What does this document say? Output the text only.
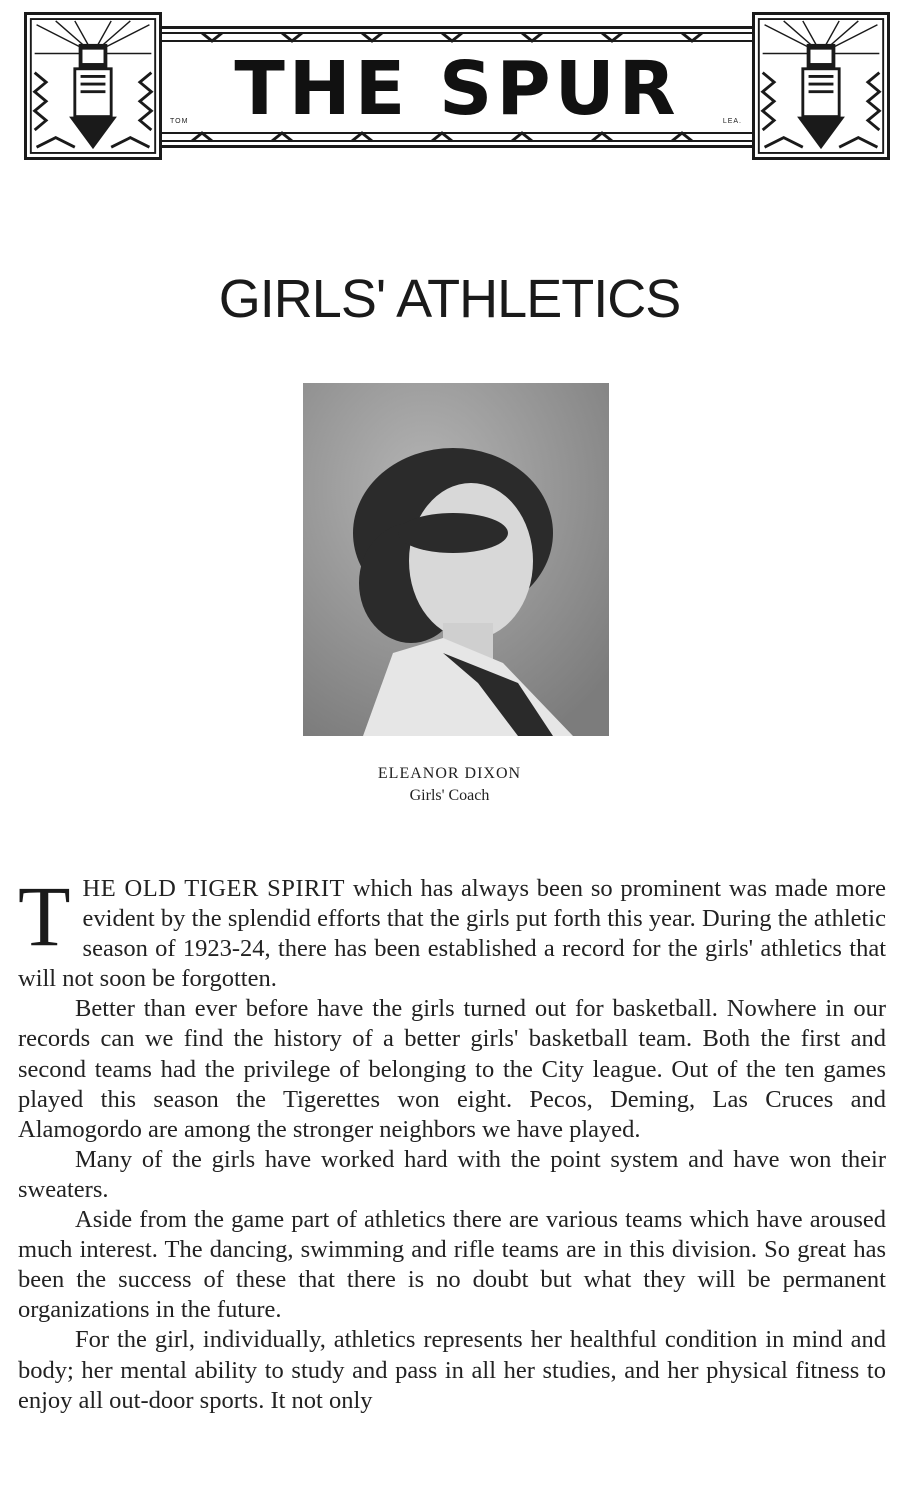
THE SPUR
TOM	LEA.
GIRLS' ATHLETICS
ELEANOR DIXON
Girls' Coach

THE OLD TIGER SPIRIT which has always been so prominent was made more evident by the splendid efforts that the girls put forth this year. During the athletic season of 1923-24, there has been established a record for the girls' athletics that will not soon be forgotten.

Better than ever before have the girls turned out for basketball. Nowhere in our records can we find the history of a better girls' basketball team. Both the first and second teams had the privilege of belonging to the City league. Out of the ten games played this season the Tigerettes won eight. Pecos, Deming, Las Cruces and Alamogordo are among the stronger neighbors we have played.

Many of the girls have worked hard with the point system and have won their sweaters.

Aside from the game part of athletics there are various teams which have aroused much interest. The dancing, swimming and rifle teams are in this division. So great has been the success of these that there is no doubt but what they will be permanent organizations in the future.

For the girl, individually, athletics represents her healthful condition in mind and body; her mental ability to study and pass in all her studies, and her physical fitness to enjoy all out-door sports. It not only
